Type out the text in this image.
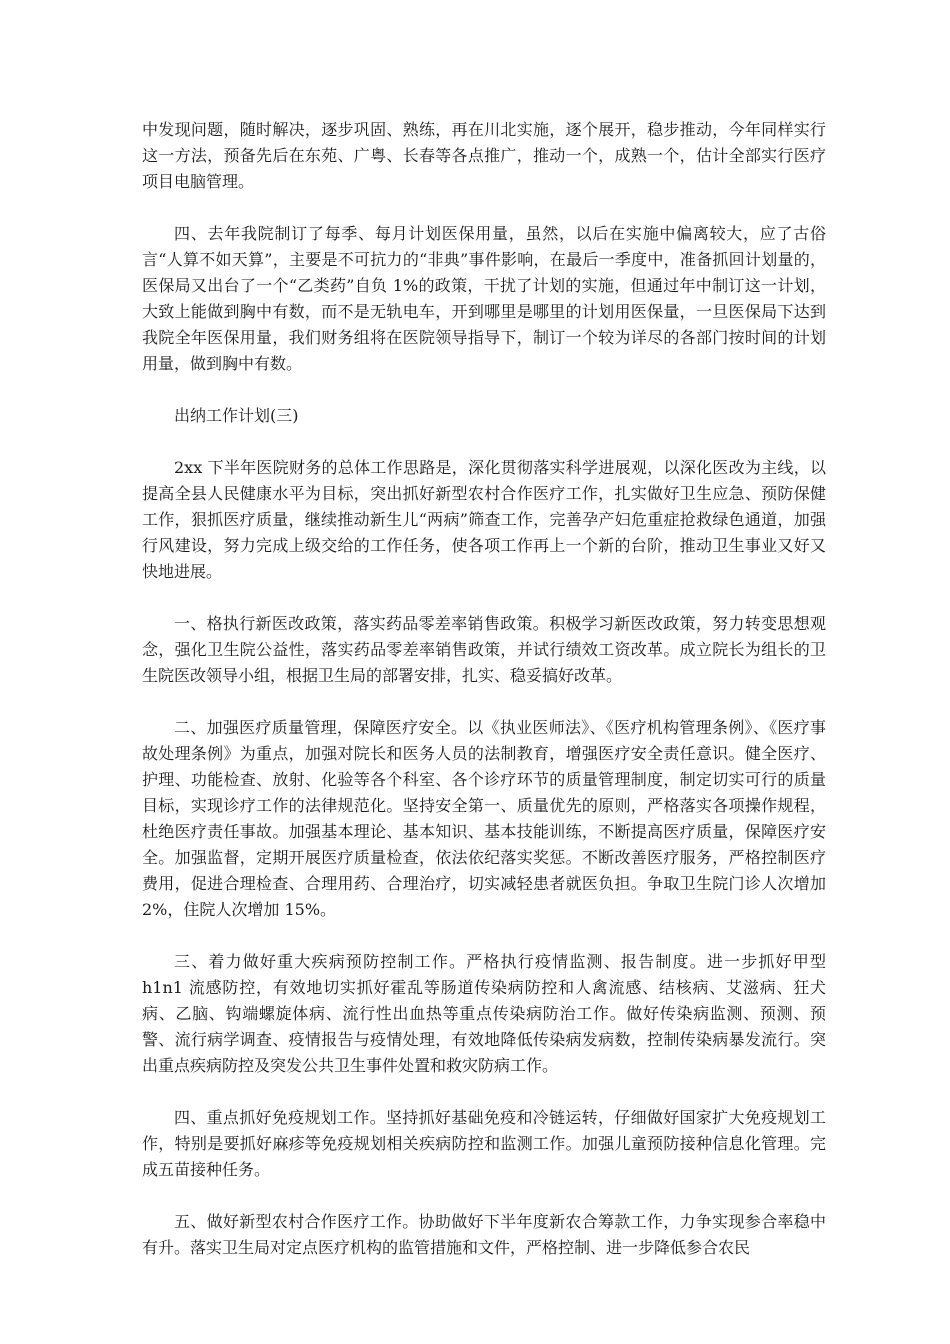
中发现问题，随时解决，逐步巩固、熟练，再在川北实施，逐个展开，稳步推动，今年同样实行这一方法，预备先后在东苑、广粤、长春等各点推广，推动一个，成熟一个，估计全部实行医疗项目电脑管理。

四、去年我院制订了每季、每月计划医保用量，虽然，以后在实施中偏离较大，应了古俗言“人算不如天算”，主要是不可抗力的“非典”事件影响，在最后一季度中，准备抓回计划量的，医保局又出台了一个“乙类药”自负 1%的政策，干扰了计划的实施，但通过年中制订这一计划，大致上能做到胸中有数，而不是无轨电车，开到哪里是哪里的计划用医保量，一旦医保局下达到我院全年医保用量，我们财务组将在医院领导指导下，制订一个较为详尽的各部门按时间的计划用量，做到胸中有数。

出纳工作计划(三)

2xx 下半年医院财务的总体工作思路是，深化贯彻落实科学进展观，以深化医改为主线，以提高全县人民健康水平为目标，突出抓好新型农村合作医疗工作，扎实做好卫生应急、预防保健工作，狠抓医疗质量，继续推动新生儿“两病”筛查工作，完善孕产妇危重症抢救绿色通道，加强行风建设，努力完成上级交给的工作任务，使各项工作再上一个新的台阶，推动卫生事业又好又快地进展。

一、格执行新医改政策，落实药品零差率销售政策。积极学习新医改政策，努力转变思想观念，强化卫生院公益性，落实药品零差率销售政策，并试行绩效工资改革。成立院长为组长的卫生院医改领导小组，根据卫生局的部署安排，扎实、稳妥搞好改革。

二、加强医疗质量管理，保障医疗安全。以《执业医师法》、《医疗机构管理条例》、《医疗事故处理条例》为重点，加强对院长和医务人员的法制教育，增强医疗安全责任意识。健全医疗、护理、功能检查、放射、化验等各个科室、各个诊疗环节的质量管理制度，制定切实可行的质量目标，实现诊疗工作的法律规范化。坚持安全第一、质量优先的原则，严格落实各项操作规程，杜绝医疗责任事故。加强基本理论、基本知识、基本技能训练，不断提高医疗质量，保障医疗安全。加强监督，定期开展医疗质量检查，依法依纪落实奖惩。不断改善医疗服务，严格控制医疗费用，促进合理检查、合理用药、合理治疗，切实减轻患者就医负担。争取卫生院门诊人次增加 2%，住院人次增加 15%。

三、着力做好重大疾病预防控制工作。严格执行疫情监测、报告制度。进一步抓好甲型 h1n1 流感防控，有效地切实抓好霍乱等肠道传染病防控和人禽流感、结核病、艾滋病、狂犬病、乙脑、钩端螺旋体病、流行性出血热等重点传染病防治工作。做好传染病监测、预测、预警、流行病学调查、疫情报告与疫情处理，有效地降低传染病发病数，控制传染病暴发流行。突出重点疾病防控及突发公共卫生事件处置和救灾防病工作。

四、重点抓好免疫规划工作。坚持抓好基础免疫和冷链运转，仔细做好国家扩大免疫规划工作，特别是要抓好麻疹等免疫规划相关疾病防控和监测工作。加强儿童预防接种信息化管理。完成五苗接种任务。

五、做好新型农村合作医疗工作。协助做好下半年度新农合筹款工作，力争实现参合率稳中有升。落实卫生局对定点医疗机构的监管措施和文件，严格控制、进一步降低参合农民
